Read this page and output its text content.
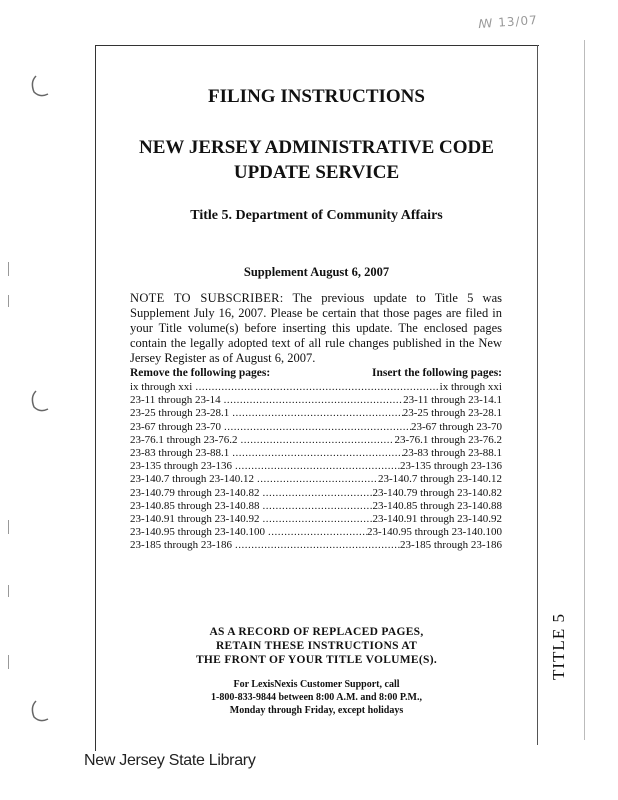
ꟿ 13/07
FILING INSTRUCTIONS
NEW JERSEY ADMINISTRATIVE CODE
UPDATE SERVICE
Title 5. Department of Community Affairs
Supplement August 6, 2007
NOTE TO SUBSCRIBER: The previous update to Title 5 was Supplement July 16, 2007. Please be certain that those pages are filed in your Title volume(s) before inserting this update. The enclosed pages contain the legally adopted text of all rule changes published in the New Jersey Register as of August 6, 2007.
Remove the following pages:	Insert the following pages:
ix through xxi .....	ix through xxi
23-11 through 23-14 .....	23-11 through 23-14.1
23-25 through 23-28.1 .....	23-25 through 23-28.1
23-67 through 23-70 .....	23-67 through 23-70
23-76.1 through 23-76.2 .....	23-76.1 through 23-76.2
23-83 through 23-88.1 .....	23-83 through 23-88.1
23-135 through 23-136 .....	23-135 through 23-136
23-140.7 through 23-140.12 .....	23-140.7 through 23-140.12
23-140.79 through 23-140.82 .....	23-140.79 through 23-140.82
23-140.85 through 23-140.88 .....	23-140.85 through 23-140.88
23-140.91 through 23-140.92 .....	23-140.91 through 23-140.92
23-140.95 through 23-140.100 .....	23-140.95 through 23-140.100
23-185 through 23-186 .....	23-185 through 23-186
AS A RECORD OF REPLACED PAGES,
RETAIN THESE INSTRUCTIONS AT
THE FRONT OF YOUR TITLE VOLUME(S).
For LexisNexis Customer Support, call
1-800-833-9844 between 8:00 A.M. and 8:00 P.M.,
Monday through Friday, except holidays
TITLE 5
New Jersey State Library
